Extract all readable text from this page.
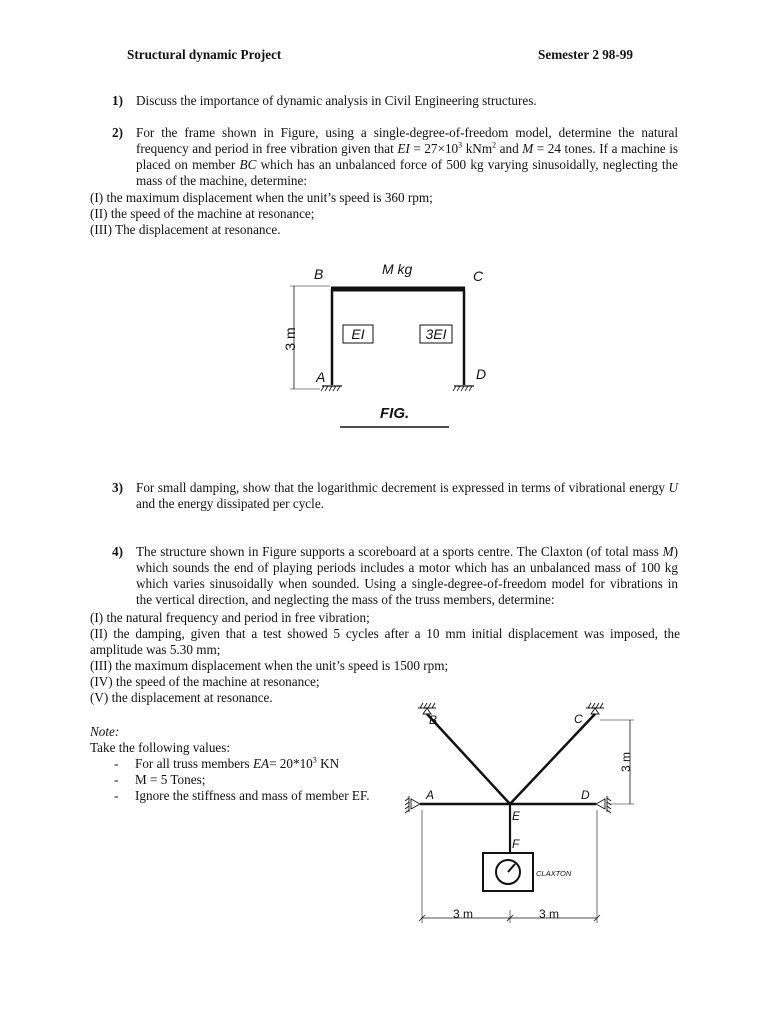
Structural dynamic Project	Semester 2 98-99
1) Discuss the importance of dynamic analysis in Civil Engineering structures.
2) For the frame shown in Figure, using a single-degree-of-freedom model, determine the natural frequency and period in free vibration given that EI = $27\times 10^3$ kNm$^2$ and M = 24 tones. If a machine is placed on member BC which has an unbalanced force of 500 kg varying sinusoidally, neglecting the mass of the machine, determine:
(I) the maximum displacement when the unit’s speed is 360 rpm;
(II) the speed of the machine at resonance;
(III) The displacement at resonance.
B	M kg	C
A	D
3 m	EI	3EI
FIG.
3) For small damping, show that the logarithmic decrement is expressed in terms of vibrational energy U and the energy dissipated per cycle.
4) The structure shown in Figure supports a scoreboard at a sports centre. The Claxton (of total mass M) which sounds the end of playing periods includes a motor which has an unbalanced mass of 100 kg which varies sinusoidally when sounded. Using a single-degree-of-freedom model for vibrations in the vertical direction, and neglecting the mass of the truss members, determine:
(I) the natural frequency and period in free vibration;
(II) the damping, given that a test showed 5 cycles after a 10 mm initial displacement was imposed, the amplitude was 5.30 mm;
(III) the maximum displacement when the unit’s speed is 1500 rpm;
(IV) the speed of the machine at resonance;
(V) the displacement at resonance.
Note:
Take the following values:
- For all truss members $EA= 20*10^3$ KN
- M = 5 Tones;
- Ignore the stiffness and mass of member EF.
B	C
A	D
E
F
CLAXTON
3 m
3 m	3 m
